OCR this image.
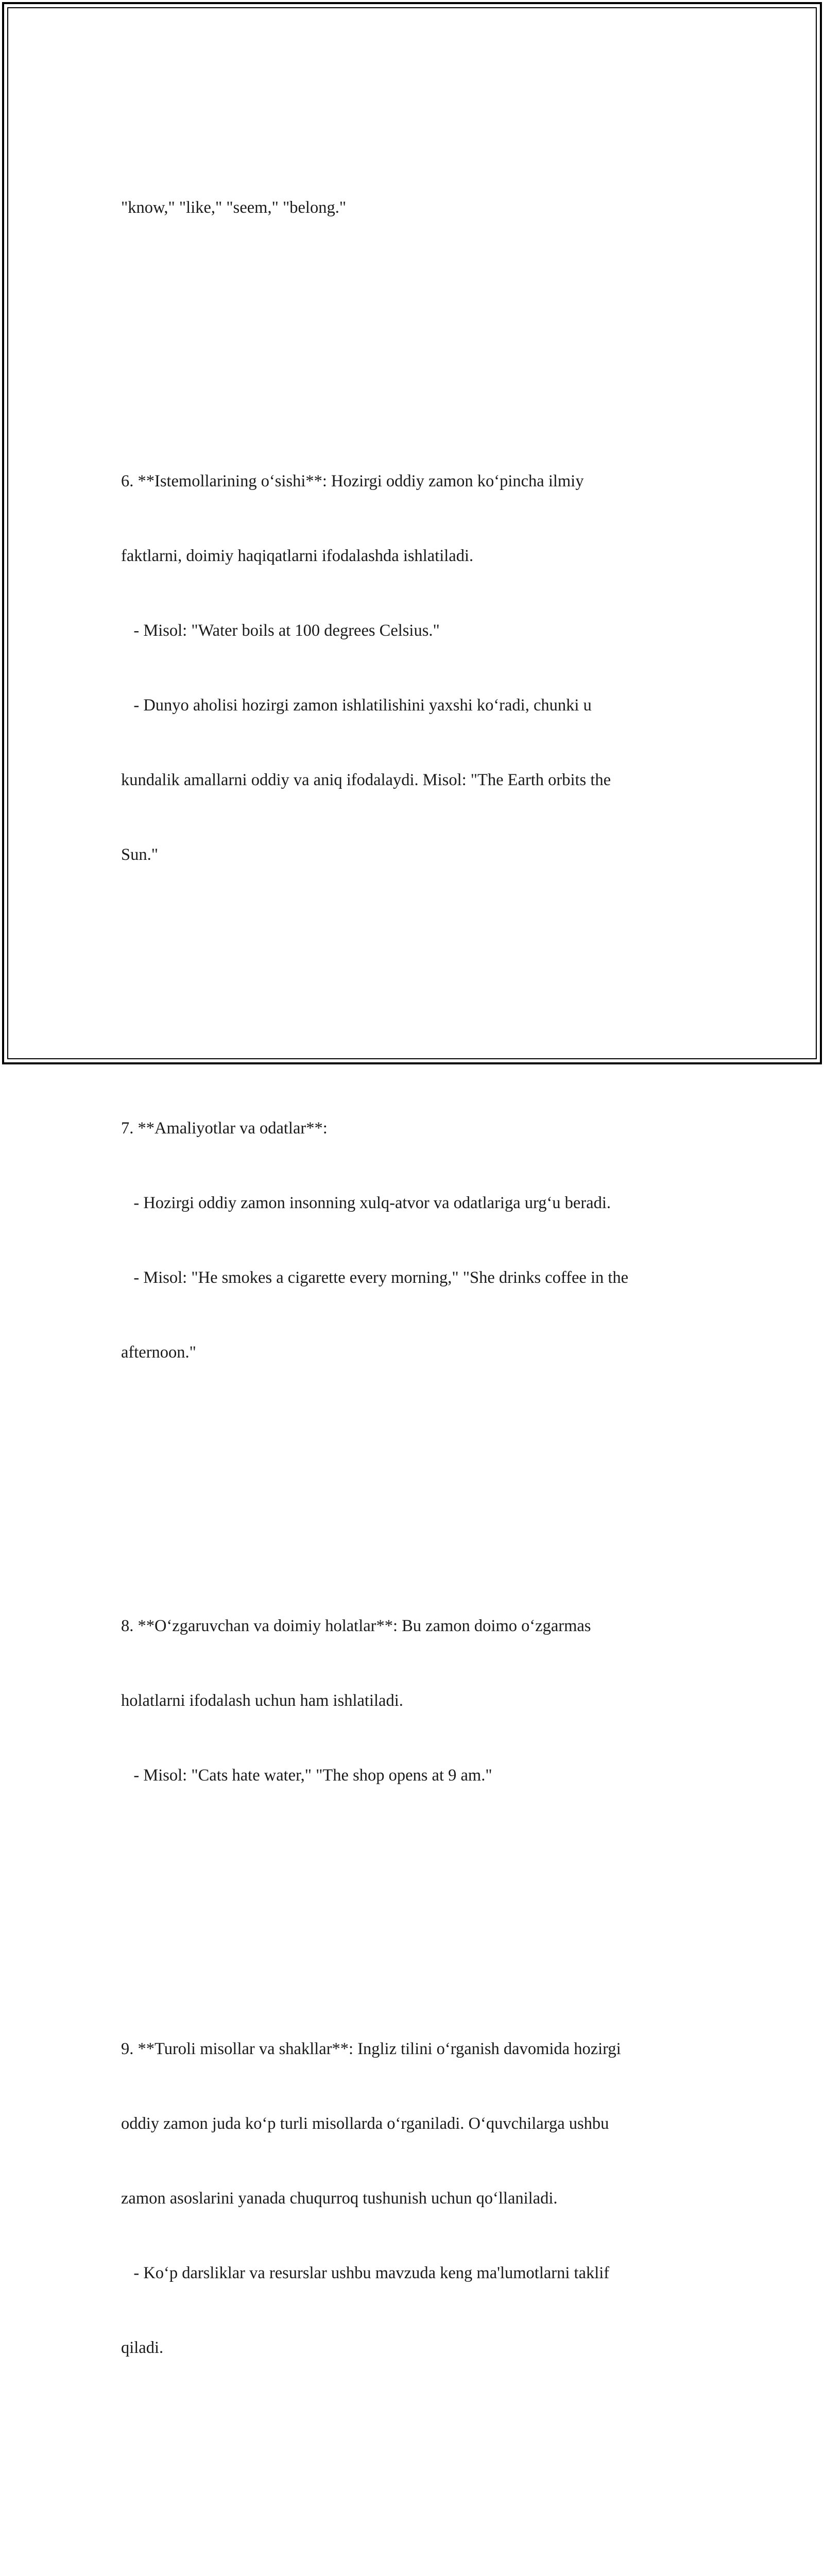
"know," "like," "seem," "belong."

6. **Istemollarining o‘sishi**: Hozirgi oddiy zamon ko‘pincha ilmiy

faktlarni, doimiy haqiqatlarni ifodalashda ishlatiladi.

- Misol: "Water boils at 100 degrees Celsius."

- Dunyo aholisi hozirgi zamon ishlatilishini yaxshi ko‘radi, chunki u

kundalik amallarni oddiy va aniq ifodalaydi. Misol: "The Earth orbits the

Sun."

7. **Amaliyotlar va odatlar**:

- Hozirgi oddiy zamon insonning xulq-atvor va odatlariga urg‘u beradi.

- Misol: "He smokes a cigarette every morning," "She drinks coffee in the

afternoon."

8. **O‘zgaruvchan va doimiy holatlar**: Bu zamon doimo o‘zgarmas

holatlarni ifodalash uchun ham ishlatiladi.

- Misol: "Cats hate water," "The shop opens at 9 am."

9. **Turoli misollar va shakllar**: Ingliz tilini o‘rganish davomida hozirgi

oddiy zamon juda ko‘p turli misollarda o‘rganiladi. O‘quvchilarga ushbu

zamon asoslarini yanada chuqurroq tushunish uchun qo‘llaniladi.

- Ko‘p darsliklar va resurslar ushbu mavzuda keng ma'lumotlarni taklif

qiladi.
